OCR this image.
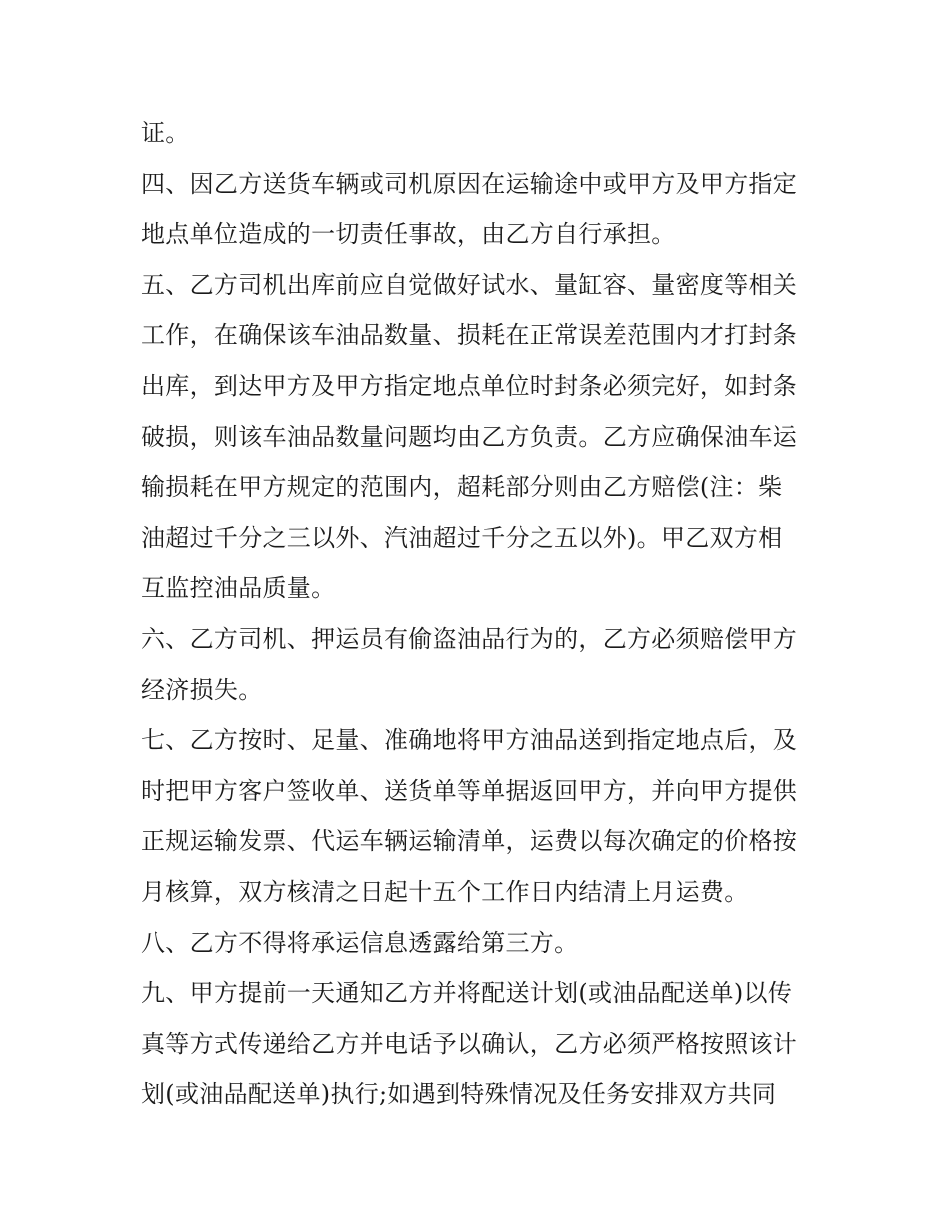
证。
四、因乙方送货车辆或司机原因在运输途中或甲方及甲方指定
地点单位造成的一切责任事故，由乙方自行承担。
五、乙方司机出库前应自觉做好试水、量缸容、量密度等相关
工作，在确保该车油品数量、损耗在正常误差范围内才打封条
出库，到达甲方及甲方指定地点单位时封条必须完好，如封条
破损，则该车油品数量问题均由乙方负责。乙方应确保油车运
输损耗在甲方规定的范围内，超耗部分则由乙方赔偿(注：柴
油超过千分之三以外、汽油超过千分之五以外)。甲乙双方相
互监控油品质量。
六、乙方司机、押运员有偷盗油品行为的，乙方必须赔偿甲方
经济损失。
七、乙方按时、足量、准确地将甲方油品送到指定地点后，及
时把甲方客户签收单、送货单等单据返回甲方，并向甲方提供
正规运输发票、代运车辆运输清单，运费以每次确定的价格按
月核算，双方核清之日起十五个工作日内结清上月运费。
八、乙方不得将承运信息透露给第三方。
九、甲方提前一天通知乙方并将配送计划(或油品配送单)以传
真等方式传递给乙方并电话予以确认，乙方必须严格按照该计
划(或油品配送单)执行;如遇到特殊情况及任务安排双方共同
